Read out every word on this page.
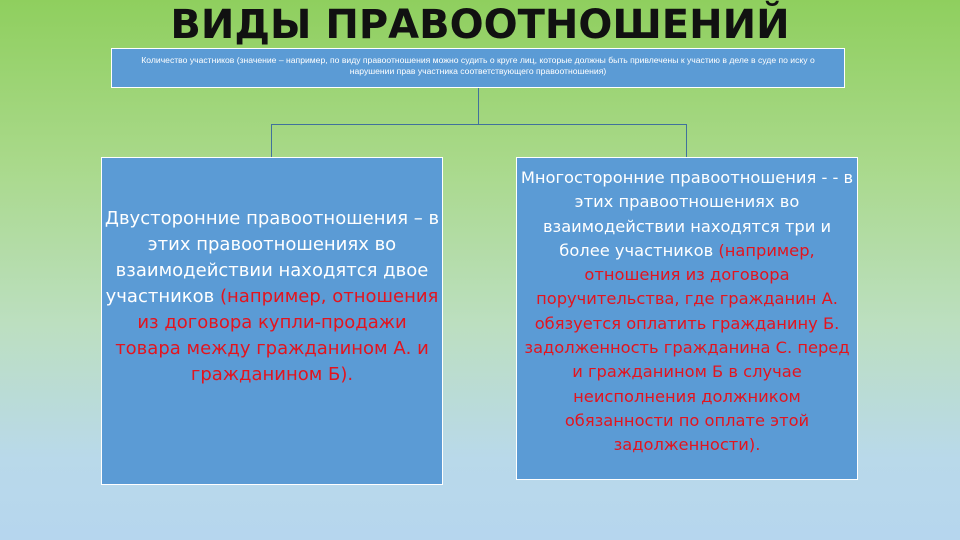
ВИДЫ ПРАВООТНОШЕНИЙ
Количество участников (значение – например, по виду правоотношения можно судить о круге лиц, которые должны быть привлечены к участию в деле в суде по иску о нарушении прав участника соответствующего правоотношения)
Двусторонние правоотношения – в этих правоотношениях во взаимодействии находятся двое участников (например, отношения из договора купли-продажи товара между гражданином А. и гражданином Б).
Многосторонние правоотношения - - в этих правоотношениях во взаимодействии находятся три и более участников (например, отношения из договора поручительства, где гражданин А. обязуется оплатить гражданину Б. задолженность гражданина С. перед и гражданином Б в случае неисполнения должником обязанности по оплате этой задолженности).
